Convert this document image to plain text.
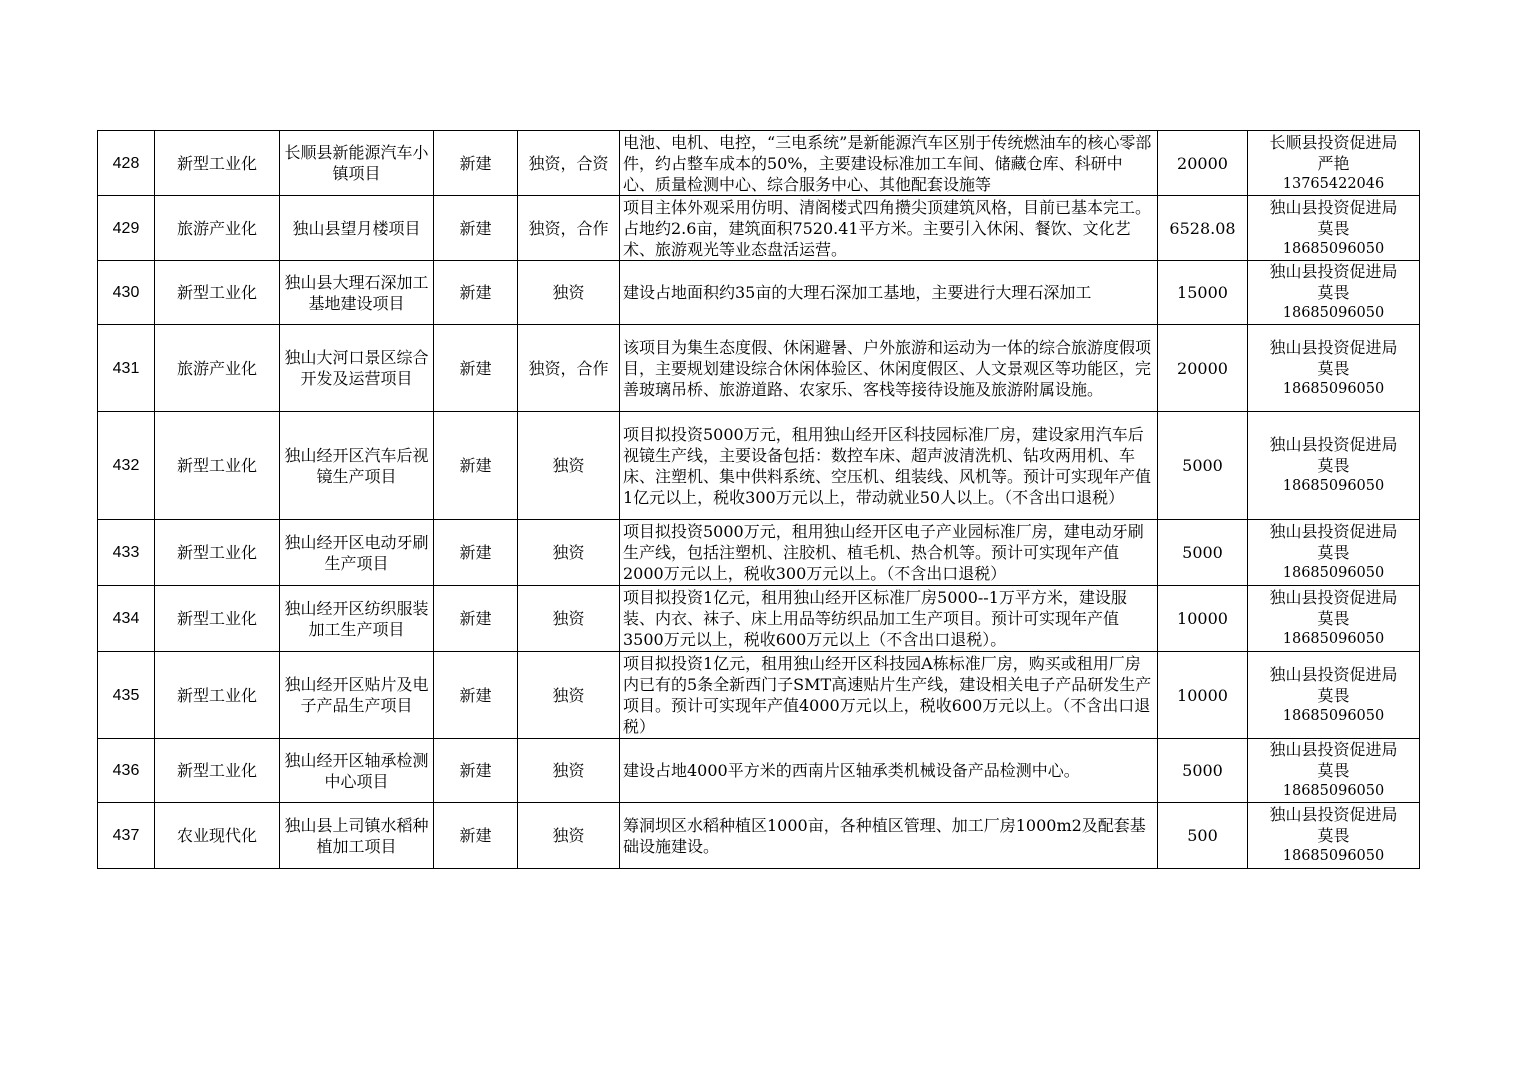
428	新型工业化	长顺县新能源汽车小镇项目	新建	独资，合资	电池、电机、电控，“三电系统”是新能源汽车区别于传统燃油车的核心零部件，约占整车成本的50%，主要建设标准加工车间、储藏仓库、科研中心、质量检测中心、综合服务中心、其他配套设施等	20000	长顺县投资促进局
严艳
13765422046

429	旅游产业化	独山县望月楼项目	新建	独资，合作	项目主体外观采用仿明、清阁楼式四角攒尖顶建筑风格，目前已基本完工。占地约2.6亩，建筑面积7520.41平方米。主要引入休闲、餐饮、文化艺术、旅游观光等业态盘活运营。	6528.08	独山县投资促进局
莫畏
18685096050

430	新型工业化	独山县大理石深加工基地建设项目	新建	独资	建设占地面积约35亩的大理石深加工基地，主要进行大理石深加工	15000	独山县投资促进局
莫畏
18685096050

431	旅游产业化	独山大河口景区综合开发及运营项目	新建	独资，合作	该项目为集生态度假、休闲避暑、户外旅游和运动为一体的综合旅游度假项目，主要规划建设综合休闲体验区、休闲度假区、人文景观区等功能区，完善玻璃吊桥、旅游道路、农家乐、客栈等接待设施及旅游附属设施。	20000	独山县投资促进局
莫畏
18685096050

432	新型工业化	独山经开区汽车后视镜生产项目	新建	独资	项目拟投资5000万元，租用独山经开区科技园标准厂房，建设家用汽车后视镜生产线，主要设备包括：数控车床、超声波清洗机、钻攻两用机、车床、注塑机、集中供料系统、空压机、组装线、风机等。预计可实现年产值1亿元以上，税收300万元以上，带动就业50人以上。（不含出口退税）	5000	独山县投资促进局
莫畏
18685096050

433	新型工业化	独山经开区电动牙刷生产项目	新建	独资	项目拟投资5000万元，租用独山经开区电子产业园标准厂房，建电动牙刷生产线，包括注塑机、注胶机、植毛机、热合机等。预计可实现年产值2000万元以上，税收300万元以上。（不含出口退税）	5000	独山县投资促进局
莫畏
18685096050

434	新型工业化	独山经开区纺织服装加工生产项目	新建	独资	项目拟投资1亿元，租用独山经开区标准厂房5000--1万平方米，建设服装、内衣、袜子、床上用品等纺织品加工生产项目。预计可实现年产值3500万元以上，税收600万元以上（不含出口退税）。	10000	独山县投资促进局
莫畏
18685096050

435	新型工业化	独山经开区贴片及电子产品生产项目	新建	独资	项目拟投资1亿元，租用独山经开区科技园A栋标准厂房，购买或租用厂房内已有的5条全新西门子SMT高速贴片生产线，建设相关电子产品研发生产项目。预计可实现年产值4000万元以上，税收600万元以上。（不含出口退税）	10000	独山县投资促进局
莫畏
18685096050

436	新型工业化	独山经开区轴承检测中心项目	新建	独资	建设占地4000平方米的西南片区轴承类机械设备产品检测中心。	5000	独山县投资促进局
莫畏
18685096050

437	农业现代化	独山县上司镇水稻种植加工项目	新建	独资	筹洞坝区水稻种植区1000亩，各种植区管理、加工厂房1000m2及配套基础设施建设。	500	独山县投资促进局
莫畏
18685096050
